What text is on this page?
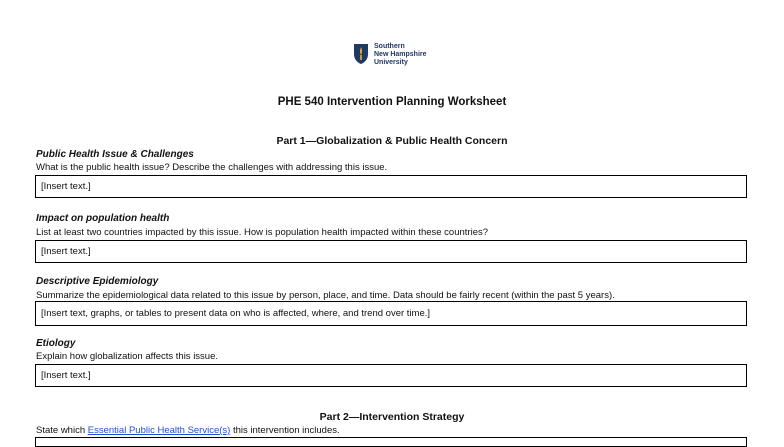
Southern
New Hampshire
University
PHE 540 Intervention Planning Worksheet
Part 1—Globalization & Public Health Concern
Public Health Issue & Challenges
What is the public health issue? Describe the challenges with addressing this issue.
[Insert text.]
Impact on population health
List at least two countries impacted by this issue. How is population health impacted within these countries?
[Insert text.]
Descriptive Epidemiology
Summarize the epidemiological data related to this issue by person, place, and time. Data should be fairly recent (within the past 5 years).
[Insert text, graphs, or tables to present data on who is affected, where, and trend over time.]
Etiology
Explain how globalization affects this issue.
[Insert text.]
Part 2—Intervention Strategy
State which Essential Public Health Service(s) this intervention includes.
